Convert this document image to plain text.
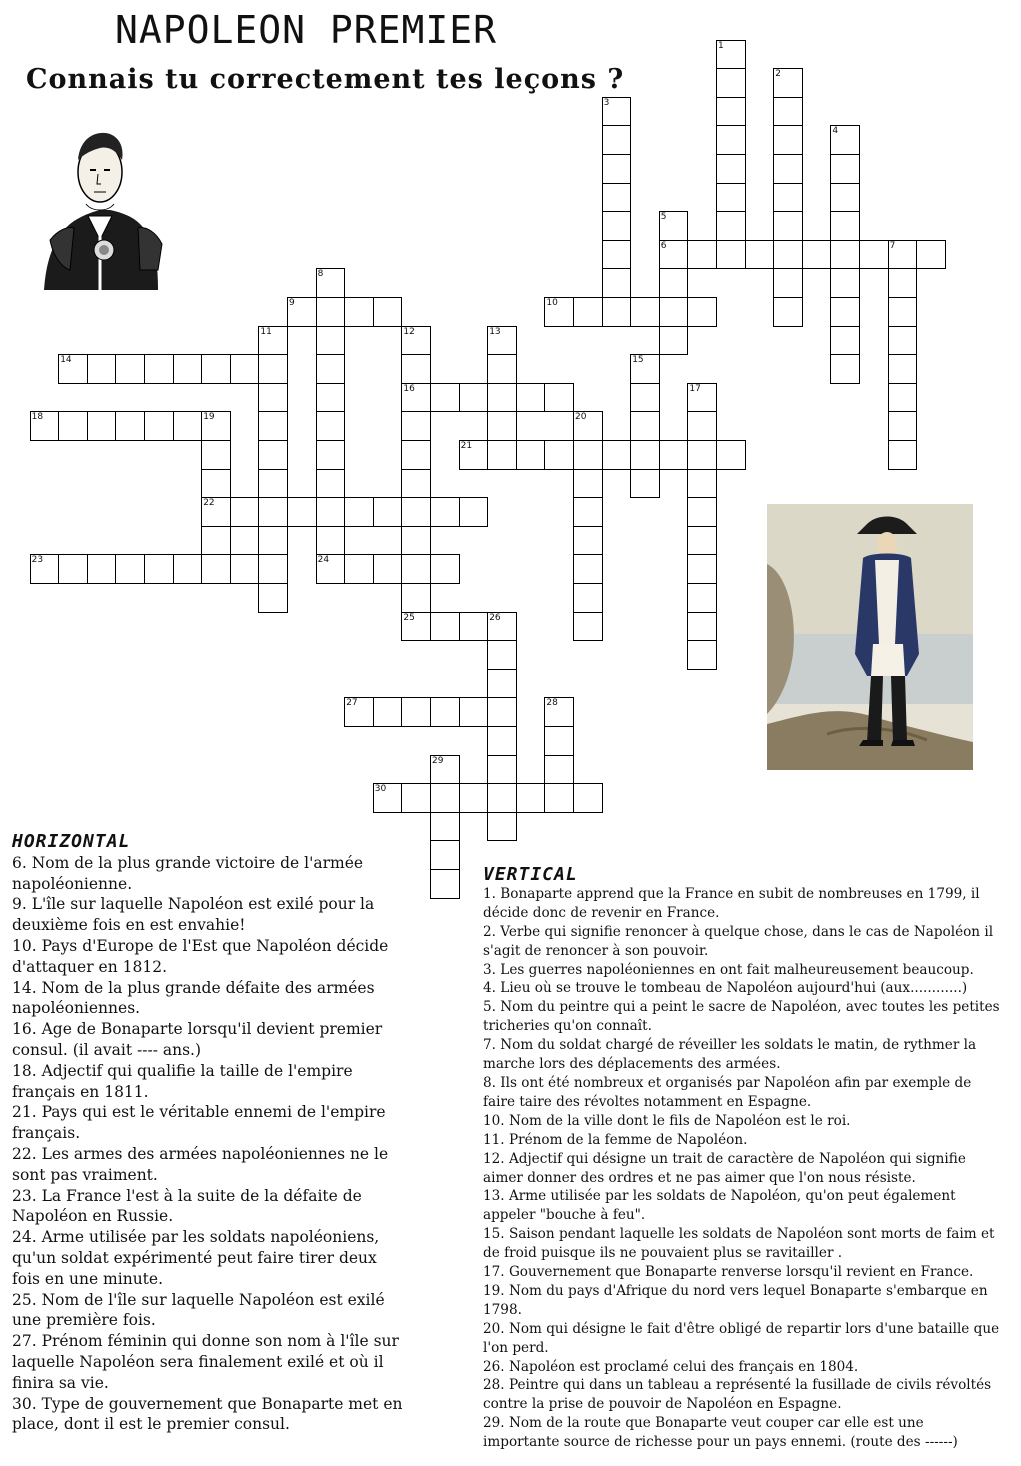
NAPOLEON PREMIER
Connais tu correctement tes leçons ?
1
2
3
4
5
6	7
8
9	10
11	12	13
14	15
16	17
18	19	20
21
22
23	24
25	26
27	28
29
30
HORIZONTAL

6. Nom de la plus grande victoire de l'armée napoléonienne.

9. L'île sur laquelle Napoléon est exilé pour la deuxième fois en est envahie!

10. Pays d'Europe de l'Est que Napoléon décide d'attaquer en 1812.

14. Nom de la plus grande défaite des armées napoléoniennes.

16. Age de Bonaparte lorsqu'il devient premier consul. (il avait ---- ans.)

18. Adjectif qui qualifie la taille de l'empire français en 1811.

21. Pays qui est le véritable ennemi de l'empire français.

22. Les armes des armées napoléoniennes ne le sont pas vraiment.

23. La France l'est à la suite de la défaite de Napoléon en Russie.

24. Arme utilisée par les soldats napoléoniens, qu'un soldat expérimenté peut faire tirer deux fois en une minute.

25. Nom de l'île sur laquelle Napoléon est exilé une première fois.

27. Prénom féminin qui donne son nom à l'île sur laquelle Napoléon sera finalement exilé et où il finira sa vie.

30. Type de gouvernement que Bonaparte met en place, dont il est le premier consul.

VERTICAL

1. Bonaparte apprend que la France en subit de nombreuses en 1799, il décide donc de revenir en France.

2. Verbe qui signifie renoncer à quelque chose, dans le cas de Napoléon il s'agit de renoncer à son pouvoir.

3. Les guerres napoléoniennes en ont fait malheureusement beaucoup.

4. Lieu où se trouve le tombeau de Napoléon aujourd'hui (aux............)

5. Nom du peintre qui a peint le sacre de Napoléon, avec toutes les petites tricheries qu'on connaît.

7. Nom du soldat chargé de réveiller les soldats le matin, de rythmer la marche lors des déplacements des armées.

8. Ils ont été nombreux et organisés par Napoléon afin par exemple de faire taire des révoltes notamment en Espagne.

10. Nom de la ville dont le fils de Napoléon est le roi.

11. Prénom de la femme de Napoléon.

12. Adjectif qui désigne un trait de caractère de Napoléon qui signifie aimer donner des ordres et ne pas aimer que l'on nous résiste.

13. Arme utilisée par les soldats de Napoléon, qu'on peut également appeler "bouche à feu".

15. Saison pendant laquelle les soldats de Napoléon sont morts de faim et de froid puisque ils ne pouvaient plus se ravitailler .

17. Gouvernement que Bonaparte renverse lorsqu'il revient en France.

19. Nom du pays d'Afrique du nord vers lequel Bonaparte s'embarque en 1798.

20. Nom qui désigne le fait d'être obligé de repartir lors d'une bataille que l'on perd.

26. Napoléon est proclamé celui des français en 1804.

28. Peintre qui dans un tableau a représenté la fusillade de civils révoltés contre la prise de pouvoir de Napoléon en Espagne.

29. Nom de la route que Bonaparte veut couper car elle est une importante source de richesse pour un pays ennemi. (route des ------)
